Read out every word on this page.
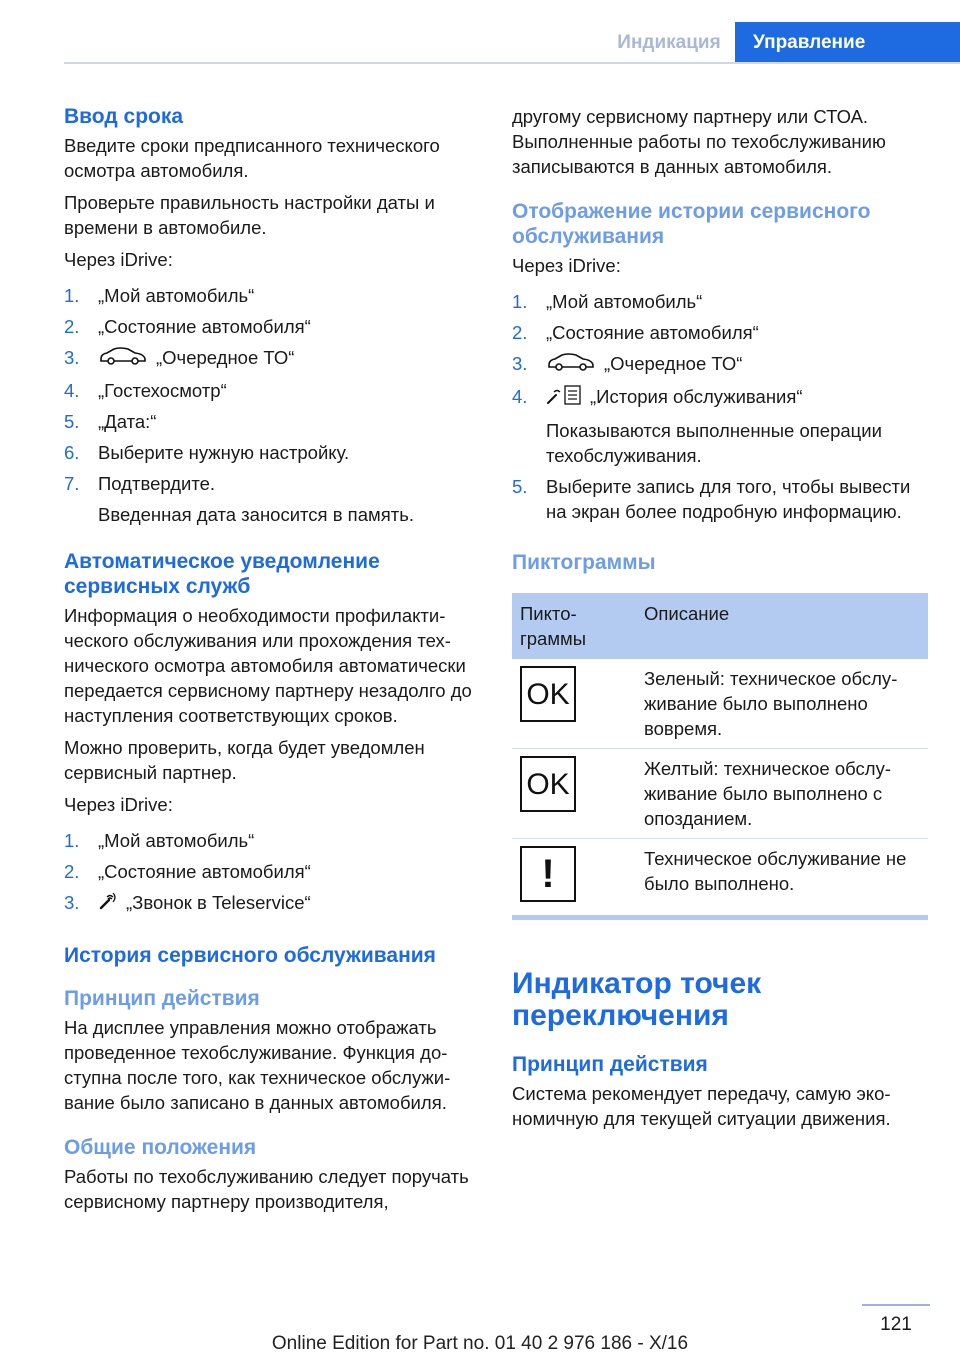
Индикация	Управление
Ввод срока
Введите сроки предписанного технического осмотра автомобиля.
Проверьте правильность настройки даты и времени в автомобиле.
Через iDrive:
1. „Мой автомобиль“
2. „Состояние автомобиля“
3.	„Очередное ТО“
4. „Гостехосмотр“
5. „Дата:“
6. Выберите нужную настройку.
7. Подтвердите.
Введенная дата заносится в память.
Автоматическое уведомление сервисных служб
Информация о необходимости профилактического обслуживания или прохождения технического осмотра автомобиля автоматически передается сервисному партнеру незадолго до наступления соответствующих сроков.
Можно проверить, когда будет уведомлен сервисный партнер.
Через iDrive:
1. „Мой автомобиль“
2. „Состояние автомобиля“
3.	„Звонок в Teleservice“
История сервисного обслуживания
Принцип действия
На дисплее управления можно отображать проведенное техобслуживание. Функция доступна после того, как техническое обслуживание было записано в данных автомобиля.
Общие положения
Работы по техобслуживанию следует поручать сервисному партнеру производителя,
другому сервисному партнеру или СТОА. Выполненные работы по техобслуживанию записываются в данных автомобиля.
Отображение истории сервисного обслуживания
Через iDrive:
1. „Мой автомобиль“
2. „Состояние автомобиля“
3.	„Очередное ТО“
4.	„История обслуживания“
Показываются выполненные операции техобслуживания.
5. Выберите запись для того, чтобы вывести на экран более подробную информацию.
Пиктограммы
Пиктограммы	Описание

OK	Зеленый: техническое обслуживание было выполнено вовремя.

OK	Желтый: техническое обслуживание было выполнено с опозданием.

!	Техническое обслуживание не было выполнено.
Индикатор точек переключения
Принцип действия
Система рекомендует передачу, самую экономичную для текущей ситуации движения.
121
Online Edition for Part no. 01 40 2 976 186 - X/16
